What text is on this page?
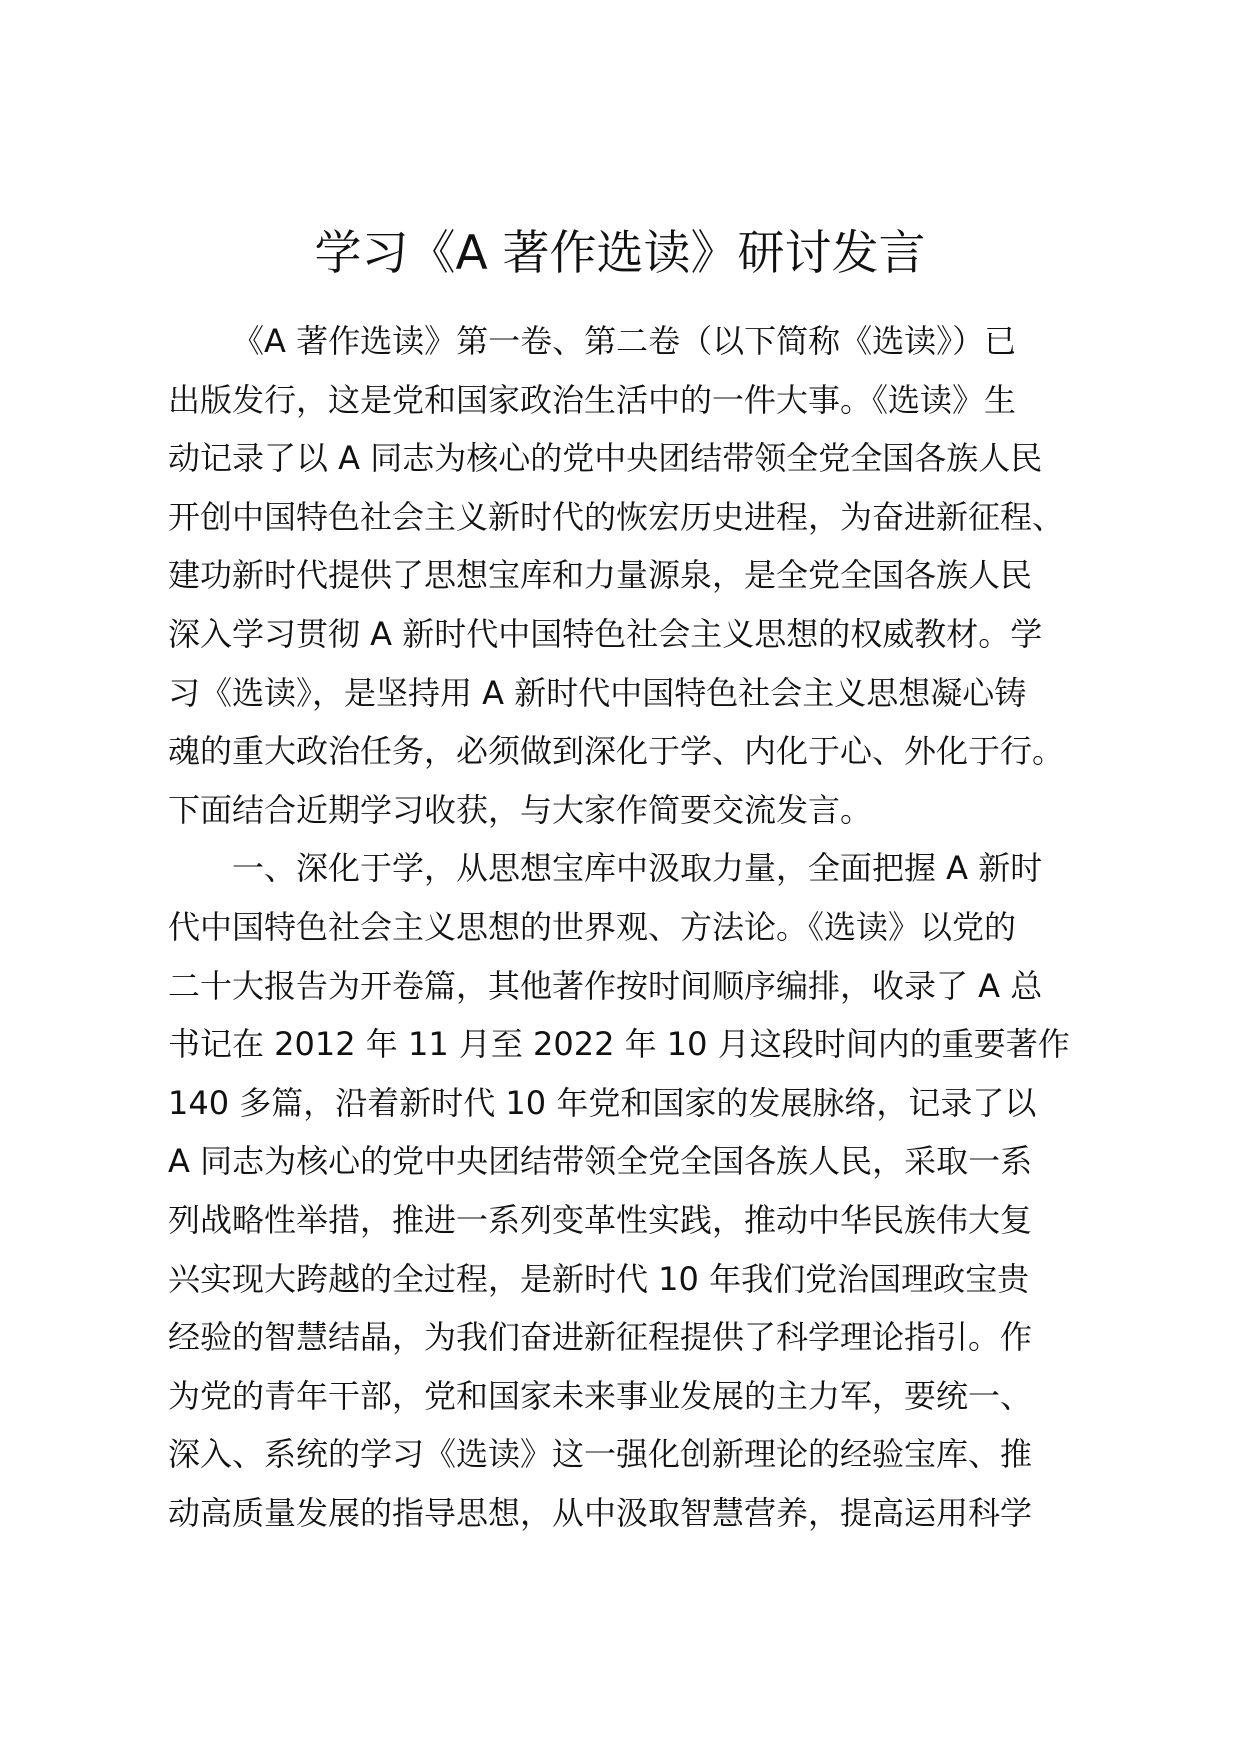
学习《A 著作选读》研讨发言
《A 著作选读》第一卷、第二卷（以下简称《选读》）已
出版发行，这是党和国家政治生活中的一件大事。《选读》生
动记录了以 A 同志为核心的党中央团结带领全党全国各族人民
开创中国特色社会主义新时代的恢宏历史进程，为奋进新征程、
建功新时代提供了思想宝库和力量源泉，是全党全国各族人民
深入学习贯彻 A 新时代中国特色社会主义思想的权威教材。学
习《选读》，是坚持用 A 新时代中国特色社会主义思想凝心铸
魂的重大政治任务，必须做到深化于学、内化于心、外化于行。
下面结合近期学习收获，与大家作简要交流发言。
一、深化于学，从思想宝库中汲取力量，全面把握 A 新时
代中国特色社会主义思想的世界观、方法论。《选读》以党的
二十大报告为开卷篇，其他著作按时间顺序编排，收录了 A 总
书记在 2012 年 11 月至 2022 年 10 月这段时间内的重要著作
140 多篇，沿着新时代 10 年党和国家的发展脉络，记录了以
A 同志为核心的党中央团结带领全党全国各族人民，采取一系
列战略性举措，推进一系列变革性实践，推动中华民族伟大复
兴实现大跨越的全过程，是新时代 10 年我们党治国理政宝贵
经验的智慧结晶，为我们奋进新征程提供了科学理论指引。作
为党的青年干部，党和国家未来事业发展的主力军，要统一、
深入、系统的学习《选读》这一强化创新理论的经验宝库、推
动高质量发展的指导思想，从中汲取智慧营养，提高运用科学
